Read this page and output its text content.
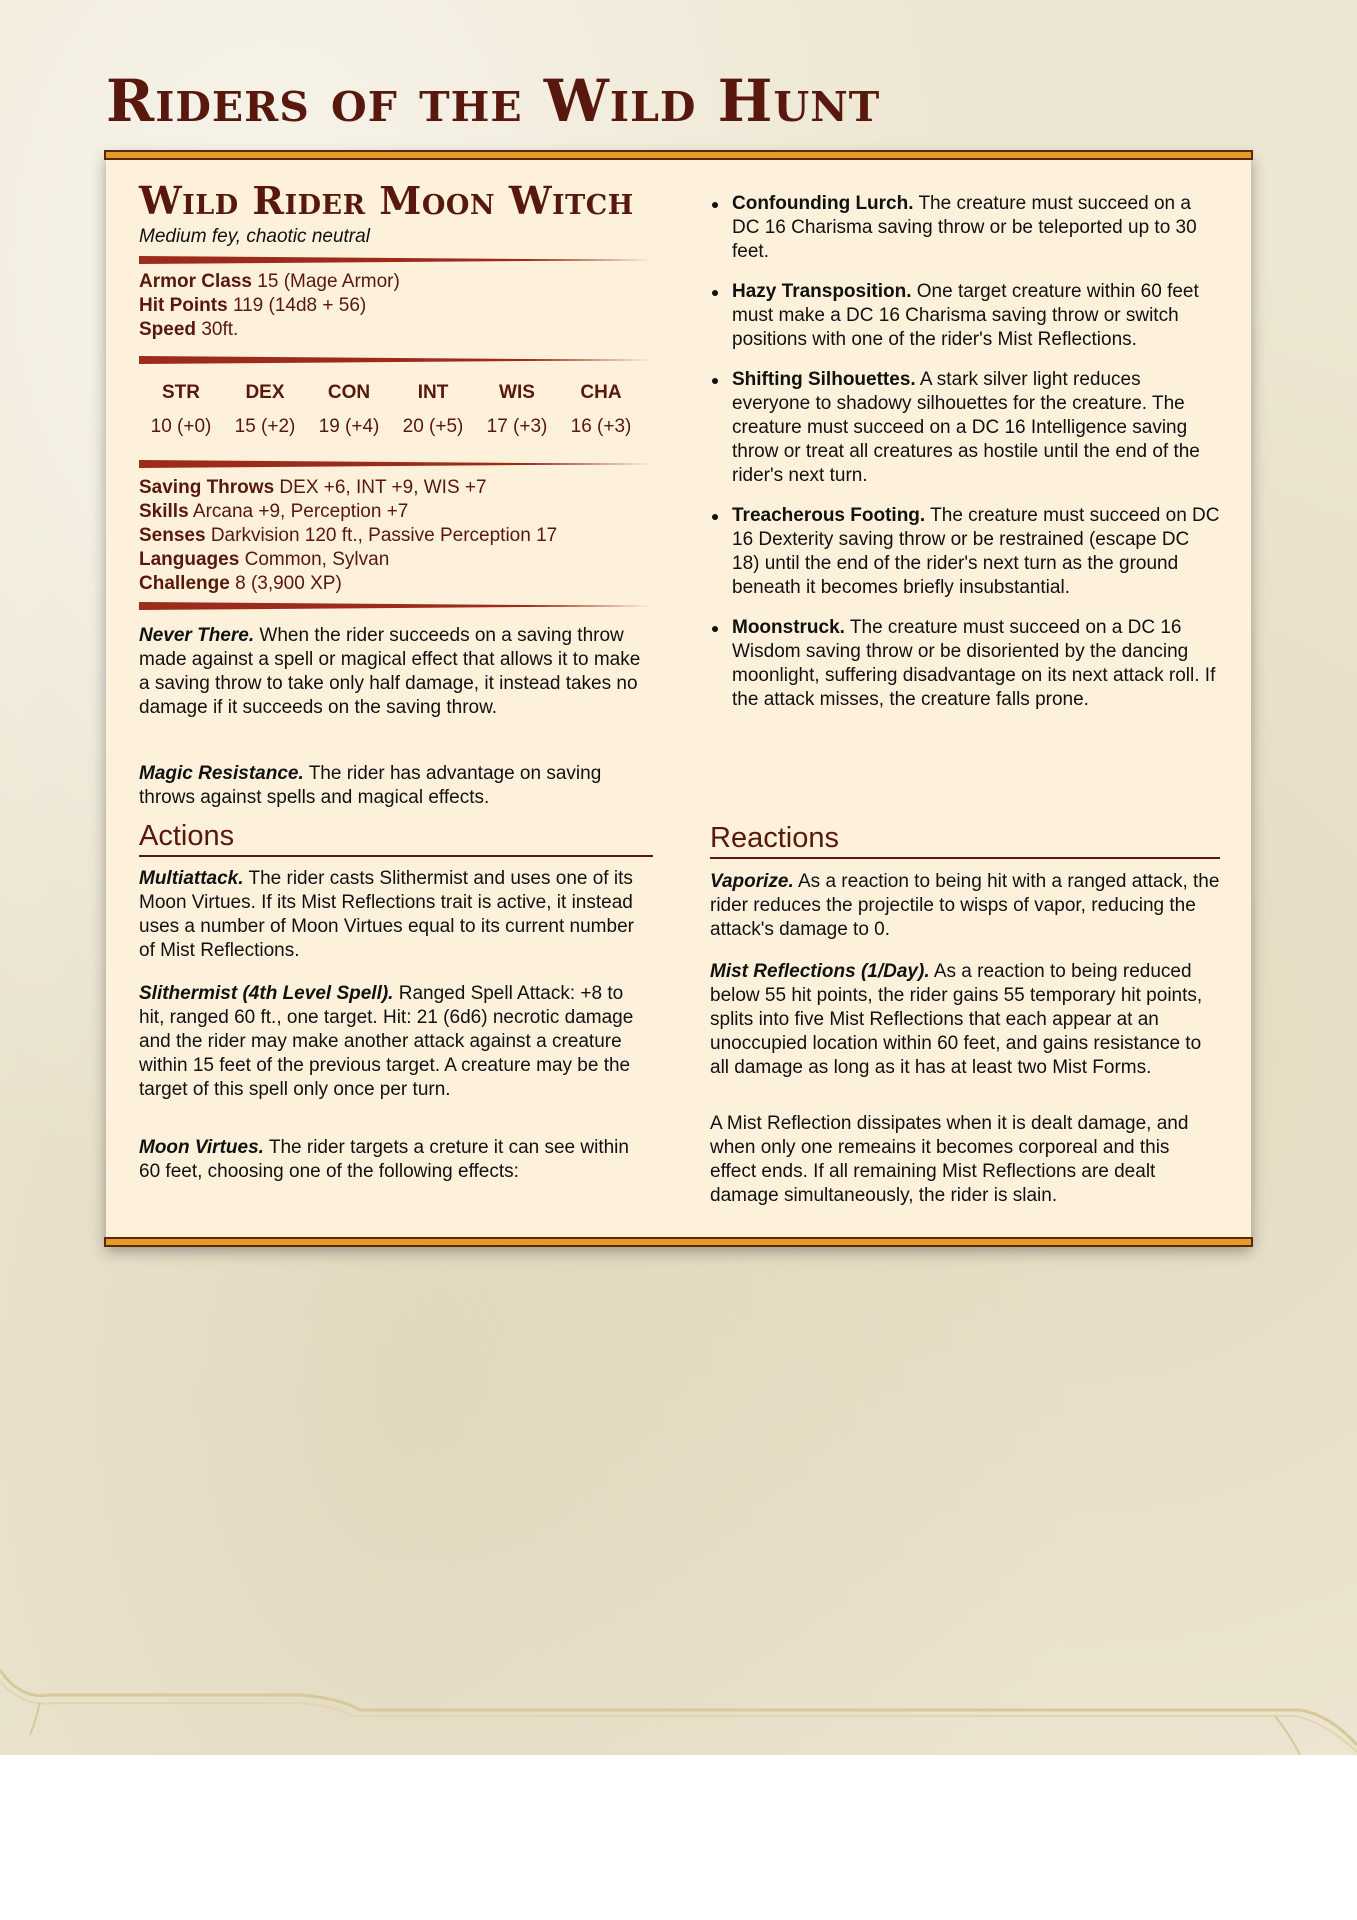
Riders of the Wild Hunt
Wild Rider Moon Witch
Medium fey, chaotic neutral
Armor Class 15 (Mage Armor)
Hit Points 119 (14d8 + 56)
Speed 30ft.
STR	DEX	CON	INT	WIS	CHA
10 (+0)	15 (+2)	19 (+4)	20 (+5)	17 (+3)	16 (+3)
Saving Throws DEX +6, INT +9, WIS +7
Skills Arcana +9, Perception +7
Senses Darkvision 120 ft., Passive Perception 17
Languages Common, Sylvan
Challenge 8 (3,900 XP)
Never There. When the rider succeeds on a saving throw made against a spell or magical effect that allows it to make a saving throw to take only half damage, it instead takes no damage if it succeeds on the saving throw.
Magic Resistance. The rider has advantage on saving throws against spells and magical effects.
Actions
Multiattack. The rider casts Slithermist and uses one of its Moon Virtues. If its Mist Reflections trait is active, it instead uses a number of Moon Virtues equal to its current number of Mist Reflections.
Slithermist (4th Level Spell). Ranged Spell Attack: +8 to hit, ranged 60 ft., one target. Hit: 21 (6d6) necrotic damage and the rider may make another attack against a creature within 15 feet of the previous target. A creature may be the target of this spell only once per turn.
Moon Virtues. The rider targets a creture it can see within 60 feet, choosing one of the following effects:
Confounding Lurch. The creature must succeed on a DC 16 Charisma saving throw or be teleported up to 30 feet.
Hazy Transposition. One target creature within 60 feet must make a DC 16 Charisma saving throw or switch positions with one of the rider's Mist Reflections.
Shifting Silhouettes. A stark silver light reduces everyone to shadowy silhouettes for the creature. The creature must succeed on a DC 16 Intelligence saving throw or treat all creatures as hostile until the end of the rider's next turn.
Treacherous Footing. The creature must succeed on DC 16 Dexterity saving throw or be restrained (escape DC 18) until the end of the rider's next turn as the ground beneath it becomes briefly insubstantial.
Moonstruck. The creature must succeed on a DC 16 Wisdom saving throw or be disoriented by the dancing moonlight, suffering disadvantage on its next attack roll. If the attack misses, the creature falls prone.
Reactions
Vaporize. As a reaction to being hit with a ranged attack, the rider reduces the projectile to wisps of vapor, reducing the attack's damage to 0.
Mist Reflections (1/Day). As a reaction to being reduced below 55 hit points, the rider gains 55 temporary hit points, splits into five Mist Reflections that each appear at an unoccupied location within 60 feet, and gains resistance to all damage as long as it has at least two Mist Forms.
A Mist Reflection dissipates when it is dealt damage, and when only one remeains it becomes corporeal and this effect ends. If all remaining Mist Reflections are dealt damage simultaneously, the rider is slain.
